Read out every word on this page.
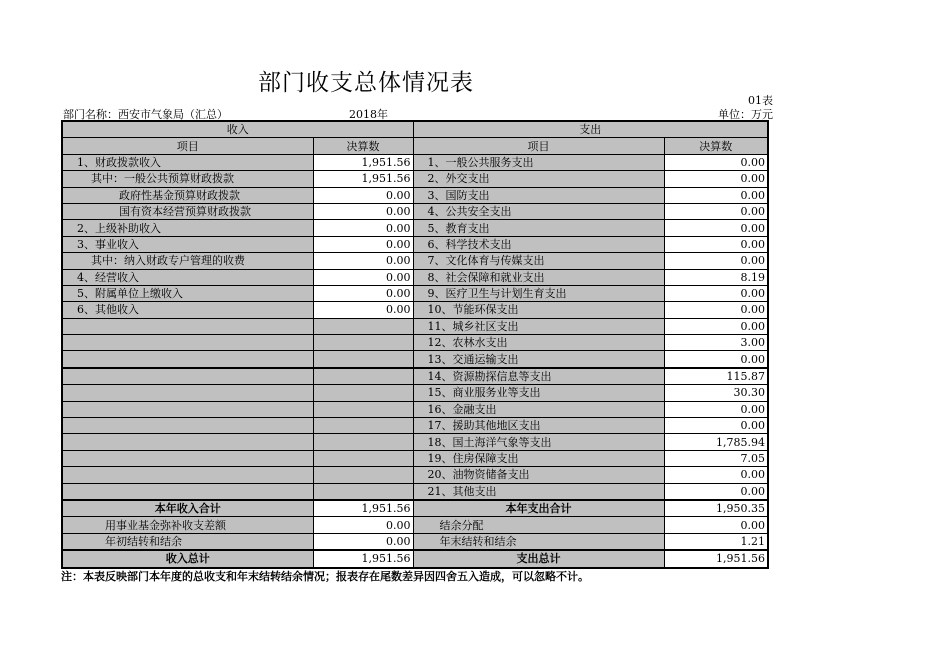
部门收支总体情况表
01表
部门名称：西安市气象局（汇总）	2018年	单位：万元
收入		支出	
项目	决算数	项目	决算数
1、财政拨款收入	1,951.56	1、一般公共服务支出	0.00
其中：一般公共预算财政拨款	1,951.56	2、外交支出	0.00
政府性基金预算财政拨款	0.00	3、国防支出	0.00
国有资本经营预算财政拨款	0.00	4、公共安全支出	0.00
2、上级补助收入	0.00	5、教育支出	0.00
3、事业收入	0.00	6、科学技术支出	0.00
其中：纳入财政专户管理的收费	0.00	7、文化体育与传媒支出	0.00
4、经营收入	0.00	8、社会保障和就业支出	8.19
5、附属单位上缴收入	0.00	9、医疗卫生与计划生育支出	0.00
6、其他收入	0.00	10、节能环保支出	0.00
		11、城乡社区支出	0.00
		12、农林水支出	3.00
		13、交通运输支出	0.00
		14、资源勘探信息等支出	115.87
		15、商业服务业等支出	30.30
		16、金融支出	0.00
		17、援助其他地区支出	0.00
		18、国土海洋气象等支出	1,785.94
		19、住房保障支出	7.05
		20、油物资储备支出	0.00
		21、其他支出	0.00
本年收入合计	1,951.56	本年支出合计	1,950.35
用事业基金弥补收支差额	0.00	结余分配	0.00
年初结转和结余	0.00	年末结转和结余	1.21
收入总计	1,951.56	支出总计	1,951.56
注：本表反映部门本年度的总收支和年末结转结余情况；报表存在尾数差异因四舍五入造成，可以忽略不计。
